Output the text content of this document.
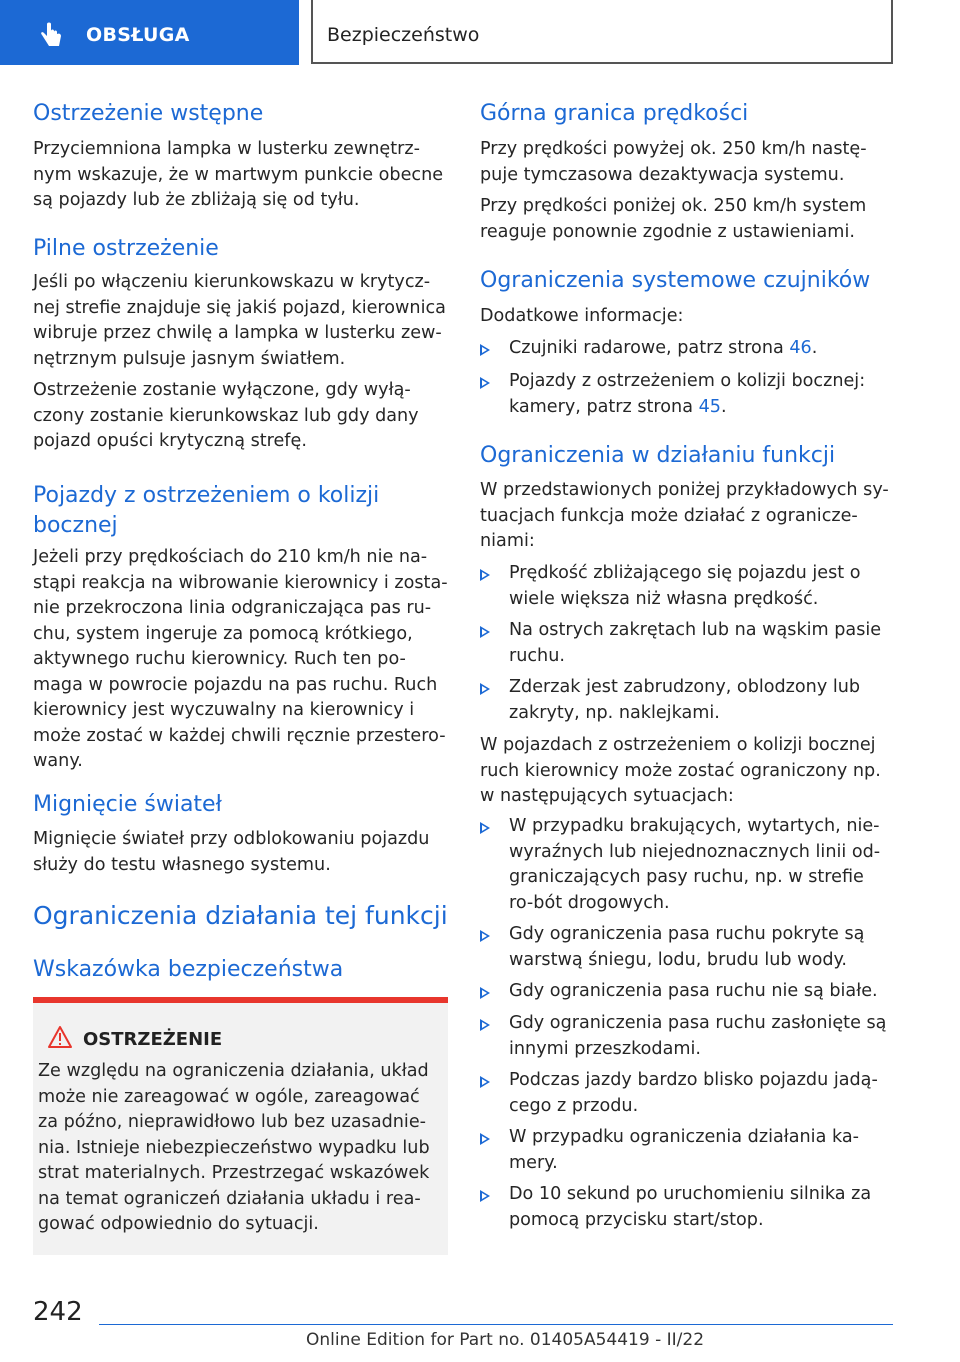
OBSŁUGA	Bezpieczeństwo
Ostrzeżenie wstępne

Przyciemniona lampka w lusterku zewnętrz-nym wskazuje, że w martwym punkcie obecne są pojazdy lub że zbliżają się od tyłu.

Pilne ostrzeżenie

Jeśli po włączeniu kierunkowskazu w krytycz-nej strefie znajduje się jakiś pojazd, kierownica wibruje przez chwilę a lampka w lusterku zew-nętrznym pulsuje jasnym światłem.

Ostrzeżenie zostanie wyłączone, gdy wyłą-czony zostanie kierunkowskaz lub gdy dany pojazd opuści krytyczną strefę.

Pojazdy z ostrzeżeniem o kolizji bocznej

Jeżeli przy prędkościach do 210 km/h nie na-stąpi reakcja na wibrowanie kierownicy i zosta-nie przekroczona linia odgraniczająca pas ru-chu, system ingeruje za pomocą krótkiego, aktywnego ruchu kierownicy. Ruch ten po-maga w powrocie pojazdu na pas ruchu. Ruch kierownicy jest wyczuwalny na kierownicy i może zostać w każdej chwili ręcznie przestero-wany.

Mignięcie świateł

Mignięcie świateł przy odblokowaniu pojazdu służy do testu własnego systemu.

Ograniczenia działania tej funkcji
Wskazówka bezpieczeństwa
OSTRZEŻENIE
Ze względu na ograniczenia działania, układ może nie zareagować w ogóle, zareagować za późno, nieprawidłowo lub bez uzasadnie-nia. Istnieje niebezpieczeństwo wypadku lub strat materialnych. Przestrzegać wskazówek na temat ograniczeń działania układu i rea-gować odpowiednio do sytuacji.
Górna granica prędkości

Przy prędkości powyżej ok. 250 km/h nastę-puje tymczasowa dezaktywacja systemu.

Przy prędkości poniżej ok. 250 km/h system reaguje ponownie zgodnie z ustawieniami.

Ograniczenia systemowe czujników

Dodatkowe informacje:

Czujniki radarowe, patrz strona 46.
Pojazdy z ostrzeżeniem o kolizji bocznej: kamery, patrz strona 45.
Ograniczenia w działaniu funkcji

W przedstawionych poniżej przykładowych sy-tuacjach funkcja może działać z ogranicze-niami:

Prędkość zbliżającego się pojazdu jest o wiele większa niż własna prędkość.
Na ostrych zakrętach lub na wąskim pasie ruchu.
Zderzak jest zabrudzony, oblodzony lub zakryty, np. naklejkami.

W pojazdach z ostrzeżeniem o kolizji bocznej ruch kierownicy może zostać ograniczony np. w następujących sytuacjach:

W przypadku brakujących, wytartych, nie-wyraźnych lub niejednoznacznych linii od-graniczających pasy ruchu, np. w strefie ro-bót drogowych.
Gdy ograniczenia pasa ruchu pokryte są warstwą śniegu, lodu, brudu lub wody.
Gdy ograniczenia pasa ruchu nie są białe.
Gdy ograniczenia pasa ruchu zasłonięte są innymi przeszkodami.
Podczas jazdy bardzo blisko pojazdu jadą-cego z przodu.
W przypadku ograniczenia działania ka-mery.
Do 10 sekund po uruchomieniu silnika za pomocą przycisku start/stop.
242
Online Edition for Part no. 01405A54419 - II/22
